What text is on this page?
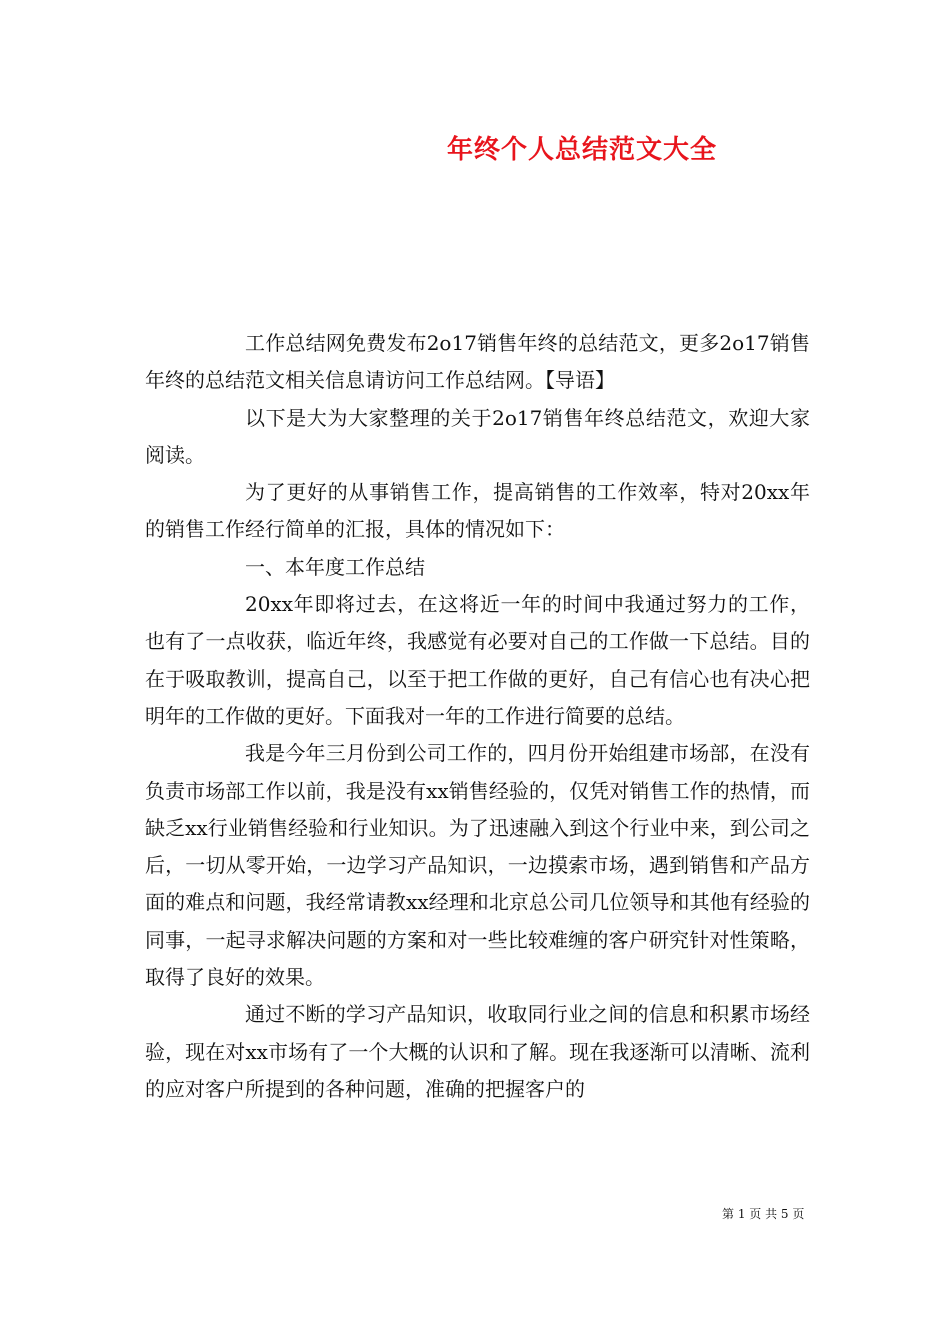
年终个人总结范文大全

工作总结网免费发布2o17销售年终的总结范文，更多2o17销售年终的总结范文相关信息请访问工作总结网。【导语】

以下是大为大家整理的关于2o17销售年终总结范文，欢迎大家阅读。

为了更好的从事销售工作，提高销售的工作效率，特对20xx年的销售工作经行简单的汇报，具体的情况如下：

一、本年度工作总结

20xx年即将过去，在这将近一年的时间中我通过努力的工作，也有了一点收获，临近年终，我感觉有必要对自己的工作做一下总结。目的在于吸取教训，提高自己，以至于把工作做的更好，自己有信心也有决心把明年的工作做的更好。下面我对一年的工作进行简要的总结。

我是今年三月份到公司工作的，四月份开始组建市场部，在没有负责市场部工作以前，我是没有xx销售经验的，仅凭对销售工作的热情，而缺乏xx行业销售经验和行业知识。为了迅速融入到这个行业中来，到公司之后，一切从零开始，一边学习产品知识，一边摸索市场，遇到销售和产品方面的难点和问题，我经常请教xx经理和北京总公司几位领导和其他有经验的同事，一起寻求解决问题的方案和对一些比较难缠的客户研究针对性策略，取得了良好的效果。

通过不断的学习产品知识，收取同行业之间的信息和积累市场经验，现在对xx市场有了一个大概的认识和了解。现在我逐渐可以清晰、流利的应对客户所提到的各种问题，准确的把握客户的

第 1 页 共 5 页
